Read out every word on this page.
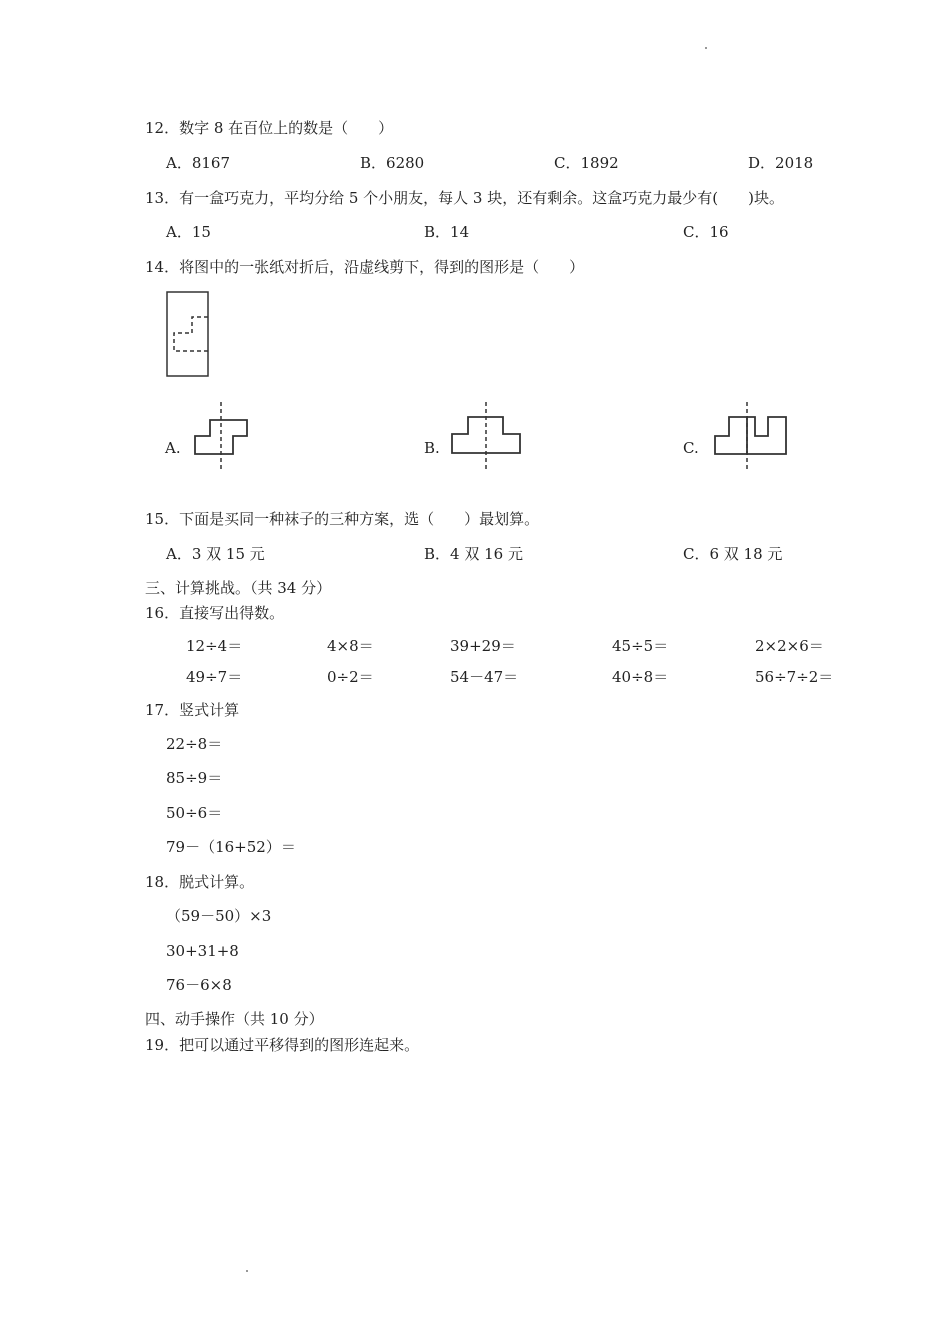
12．数字 8 在百位上的数是（　　）
A．8167	B．6280	C．1892	D．2018
13．有一盒巧克力，平均分给 5 个小朋友，每人 3 块，还有剩余。这盒巧克力最少有(　　)块。
A．15	B．14	C．16
14．将图中的一张纸对折后，沿虚线剪下，得到的图形是（　　）
A.	B.	C.
15．下面是买同一种袜子的三种方案，选（　　）最划算。
A．3 双 15 元	B．4 双 16 元	C．6 双 18 元
三、计算挑战。（共 34 分）
16．直接写出得数。
12÷4＝	4×8＝	39+29＝	45÷5＝	2×2×6＝
49÷7＝	0÷2＝	54－47＝	40÷8＝	56÷7÷2＝
17．竖式计算
22÷8＝
85÷9＝
50÷6＝
79－（16+52）＝
18．脱式计算。
（59－50）×3
30+31+8
76－6×8
四、动手操作（共 10 分）
19．把可以通过平移得到的图形连起来。
